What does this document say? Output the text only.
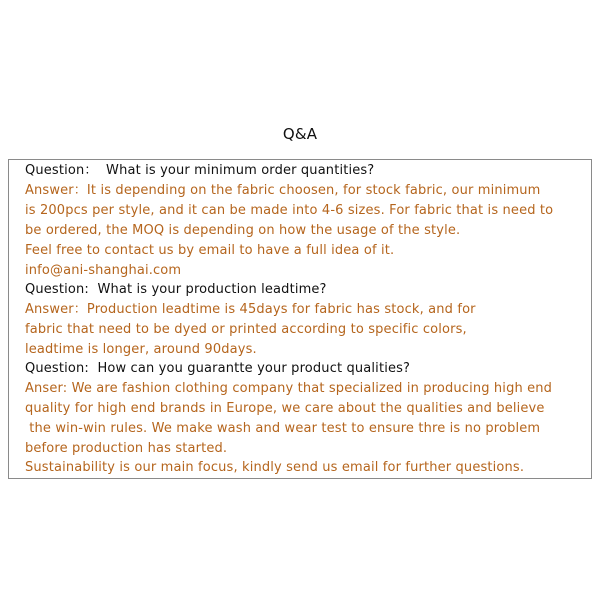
Q&A
Question：  What is your minimum order quantities?
Answer：It is depending on the fabric choosen, for stock fabric, our minimum
is 200pcs per style, and it can be made into 4-6 sizes. For fabric that is need to
be ordered, the MOQ is depending on how the usage of the style.
Feel free to contact us by email to have a full idea of it.
info@ani-shanghai.com
Question:  What is your production leadtime?
Answer：Production leadtime is 45days for fabric has stock, and for
fabric that need to be dyed or printed according to specific colors,
leadtime is longer, around 90days.
Question:  How can you guarantte your product qualities?
Anser: We are fashion clothing company that specialized in producing high end
quality for high end brands in Europe, we care about the qualities and believe
the win-win rules. We make wash and wear test to ensure thre is no problem
before production has started.
Sustainability is our main focus, kindly send us email for further questions.
